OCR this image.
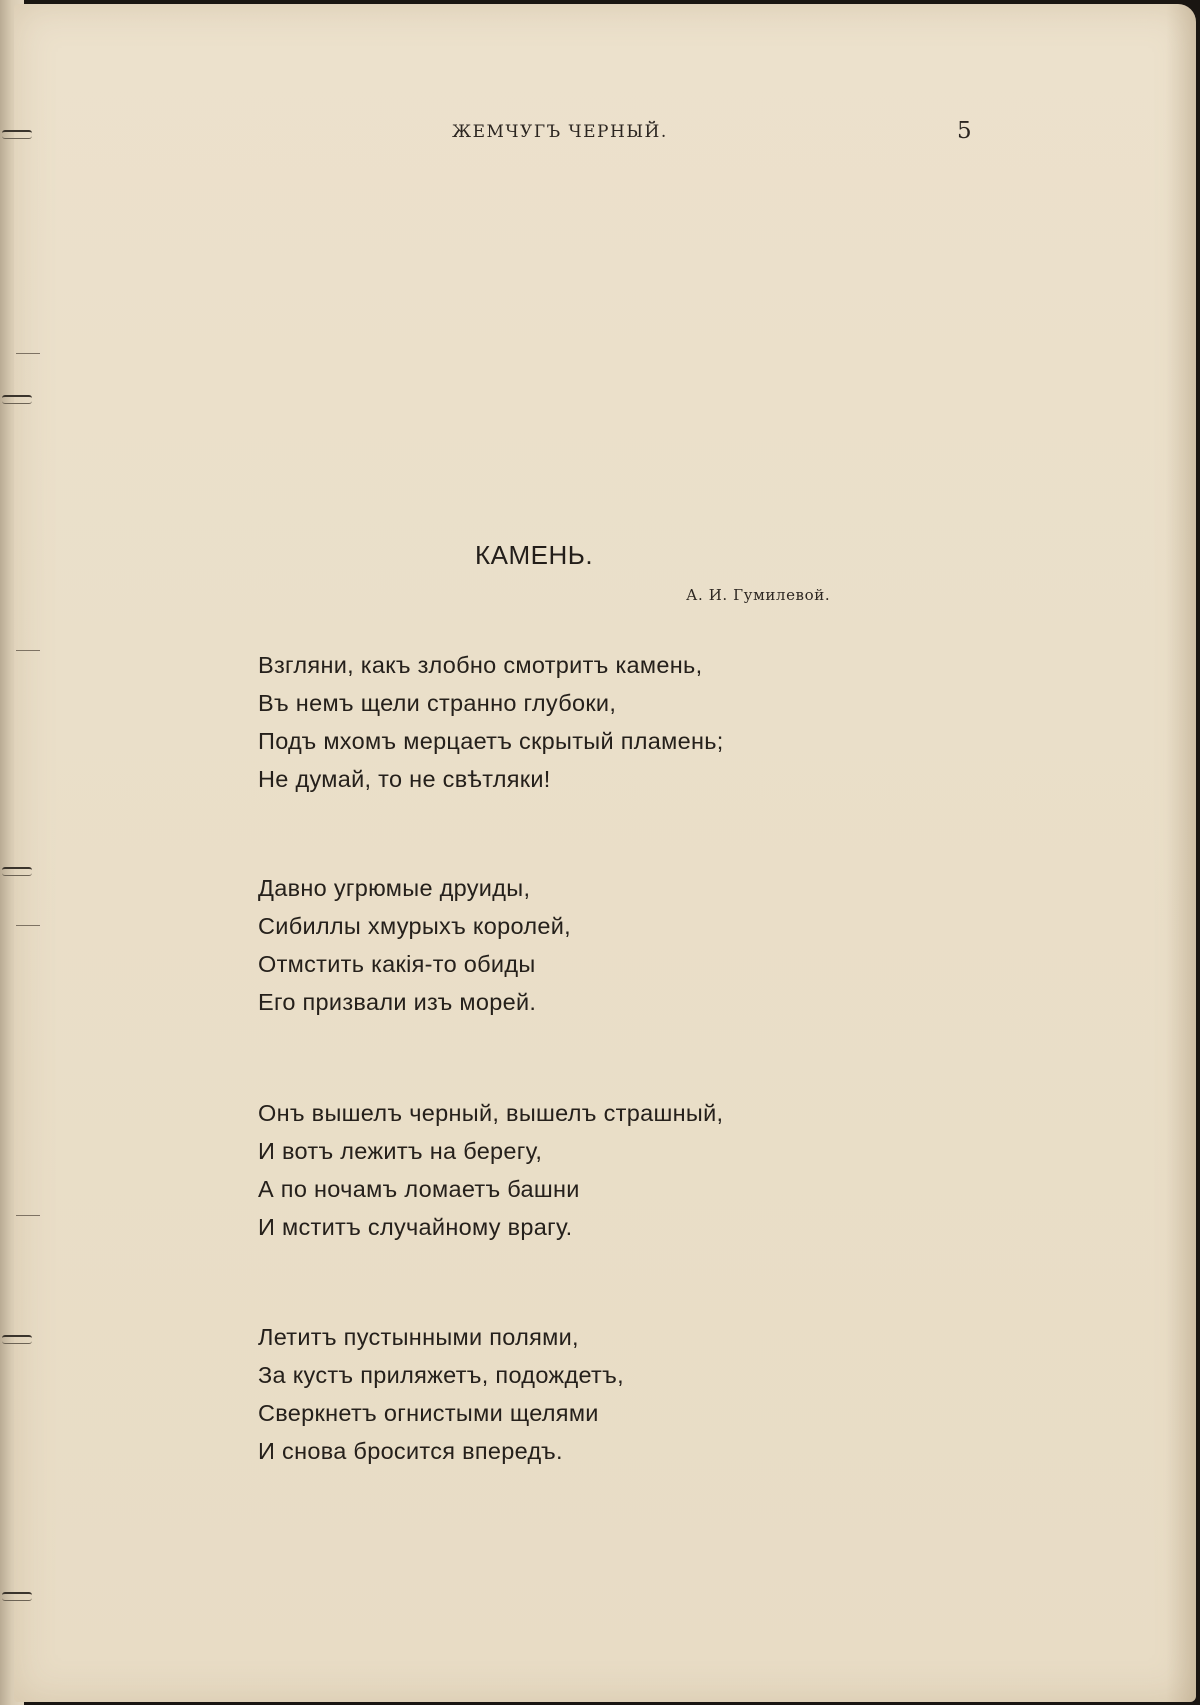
ЖЕМЧУГЪ ЧЕРНЫЙ.	5
КАМЕНЬ.
А. И. Гумилевой.
Взгляни, какъ злобно смотритъ камень,
Въ немъ щели странно глубоки,
Подъ мхомъ мерцаетъ скрытый пламень;
Не думай, то не свѣтляки!
Давно угрюмые друиды,
Сибиллы хмурыхъ королей,
Отмстить какія-то обиды
Его призвали изъ морей.
Онъ вышелъ черный, вышелъ страшный,
И вотъ лежитъ на берегу,
А по ночамъ ломаетъ башни
И мститъ случайному врагу.
Летитъ пустынными полями,
За кустъ приляжетъ, подождетъ,
Сверкнетъ огнистыми щелями
И снова бросится впередъ.
